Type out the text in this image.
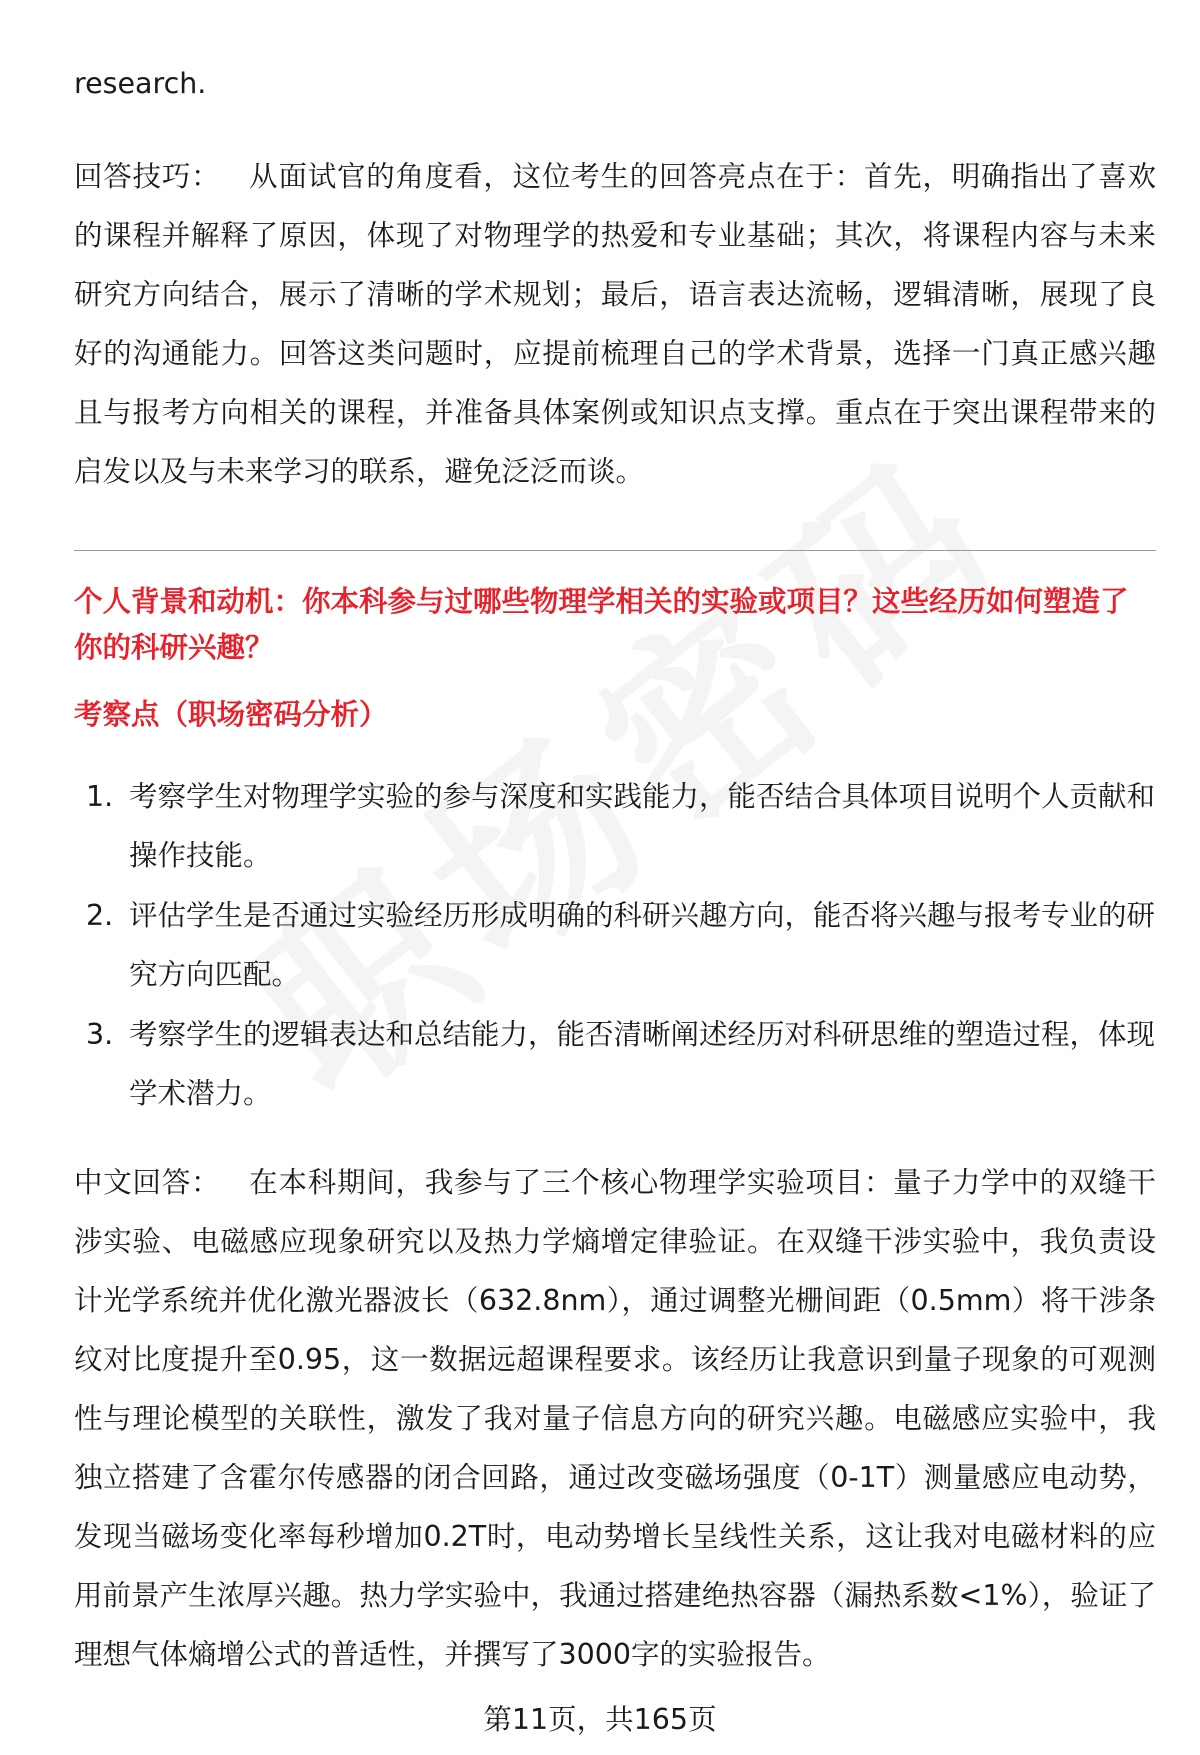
research.

回答技巧： 从面试官的角度看，这位考生的回答亮点在于：首先，明确指出了喜欢的课程并解释了原因，体现了对物理学的热爱和专业基础；其次，将课程内容与未来研究方向结合，展示了清晰的学术规划；最后，语言表达流畅，逻辑清晰，展现了良好的沟通能力。回答这类问题时，应提前梳理自己的学术背景，选择一门真正感兴趣且与报考方向相关的课程，并准备具体案例或知识点支撑。重点在于突出课程带来的启发以及与未来学习的联系，避免泛泛而谈。

个人背景和动机：你本科参与过哪些物理学相关的实验或项目？这些经历如何塑造了你的科研兴趣？

考察点（职场密码分析）

1. 考察学生对物理学实验的参与深度和实践能力，能否结合具体项目说明个人贡献和操作技能。
2. 评估学生是否通过实验经历形成明确的科研兴趣方向，能否将兴趣与报考专业的研究方向匹配。
3. 考察学生的逻辑表达和总结能力，能否清晰阐述经历对科研思维的塑造过程，体现学术潜力。

中文回答： 在本科期间，我参与了三个核心物理学实验项目：量子力学中的双缝干涉实验、电磁感应现象研究以及热力学熵增定律验证。在双缝干涉实验中，我负责设计光学系统并优化激光器波长（632.8nm），通过调整光栅间距（0.5mm）将干涉条纹对比度提升至0.95，这一数据远超课程要求。该经历让我意识到量子现象的可观测性与理论模型的关联性，激发了我对量子信息方向的研究兴趣。电磁感应实验中，我独立搭建了含霍尔传感器的闭合回路，通过改变磁场强度（0-1T）测量感应电动势，发现当磁场变化率每秒增加0.2T时，电动势增长呈线性关系，这让我对电磁材料的应用前景产生浓厚兴趣。热力学实验中，我通过搭建绝热容器（漏热系数<1%），验证了理想气体熵增公式的普适性，并撰写了3000字的实验报告。

第11页，共165页
